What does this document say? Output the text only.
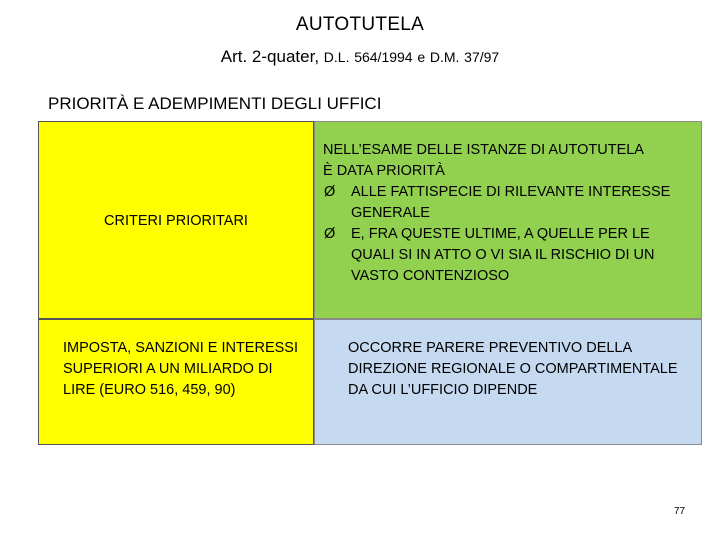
AUTOTUTELA
Art. 2-quater, D.L. 564/1994 e D.M. 37/97
PRIORITÀ E ADEMPIMENTI DEGLI UFFICI
CRITERI PRIORITARI
NELL’ESAME DELLE ISTANZE DI AUTOTUTELA
È DATA PRIORITÀ
Ø ALLE FATTISPECIE DI RILEVANTE INTERESSE GENERALE
Ø E, FRA QUESTE ULTIME, A QUELLE PER LE QUALI SI IN ATTO O VI SIA IL RISCHIO DI UN VASTO CONTENZIOSO
IMPOSTA, SANZIONI E INTERESSI SUPERIORI A UN MILIARDO DI LIRE (EURO 516, 459, 90)
OCCORRE PARERE PREVENTIVO DELLA DIREZIONE REGIONALE O COMPARTIMENTALE DA CUI L’UFFICIO DIPENDE
77
